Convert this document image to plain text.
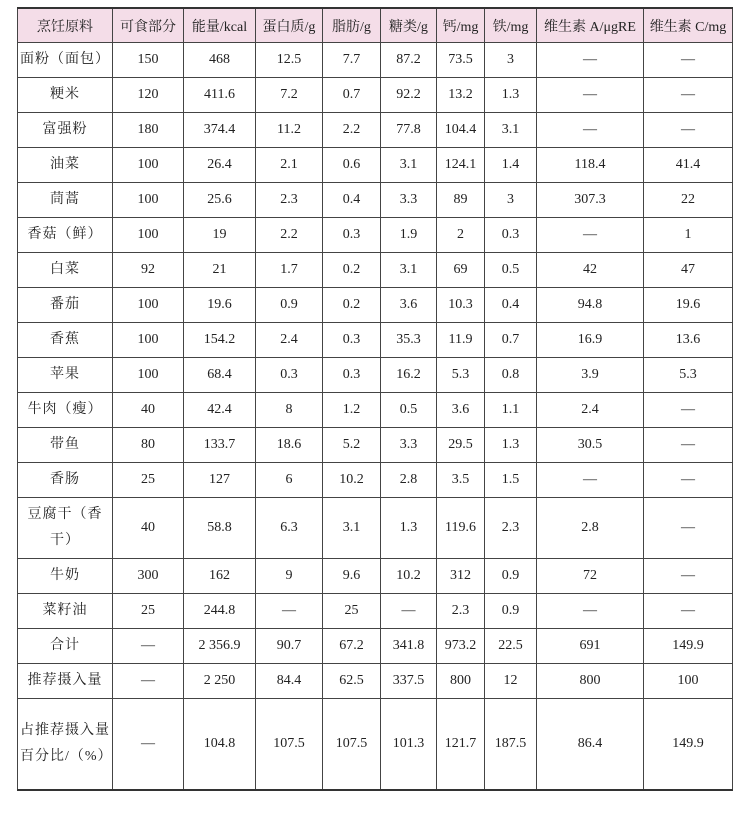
烹饪原料	可食部分	能量/kcal	蛋白质/g	脂肪/g	糖类/g	钙/mg	铁/mg	维生素 A/μgRE	维生素 C/mg
面粉（面包）	150	468	12.5	7.7	87.2	73.5	3	—	—
粳米	120	411.6	7.2	0.7	92.2	13.2	1.3	—	—
富强粉	180	374.4	11.2	2.2	77.8	104.4	3.1	—	—
油菜	100	26.4	2.1	0.6	3.1	124.1	1.4	118.4	41.4
茼蒿	100	25.6	2.3	0.4	3.3	89	3	307.3	22
香菇（鲜）	100	19	2.2	0.3	1.9	2	0.3	—	1
白菜	92	21	1.7	0.2	3.1	69	0.5	42	47
番茄	100	19.6	0.9	0.2	3.6	10.3	0.4	94.8	19.6
香蕉	100	154.2	2.4	0.3	35.3	11.9	0.7	16.9	13.6
苹果	100	68.4	0.3	0.3	16.2	5.3	0.8	3.9	5.3
牛肉（瘦）	40	42.4	8	1.2	0.5	3.6	1.1	2.4	—
带鱼	80	133.7	18.6	5.2	3.3	29.5	1.3	30.5	—
香肠	25	127	6	10.2	2.8	3.5	1.5	—	—
豆腐干（香干）	40	58.8	6.3	3.1	1.3	119.6	2.3	2.8	—
牛奶	300	162	9	9.6	10.2	312	0.9	72	—
菜籽油	25	244.8	—	25	—	2.3	0.9	—	—
合计	—	2 356.9	90.7	67.2	341.8	973.2	22.5	691	149.9
推荐摄入量	—	2 250	84.4	62.5	337.5	800	12	800	100
占推荐摄入量百分比/（%）	—	104.8	107.5	107.5	101.3	121.7	187.5	86.4	149.9
